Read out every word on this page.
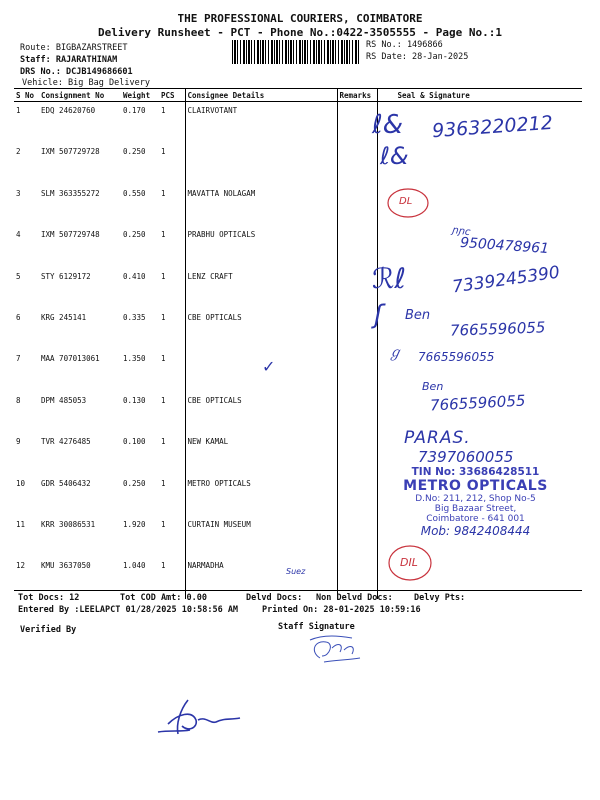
THE PROFESSIONAL COURIERS, COIMBATORE
Delivery Runsheet - PCT - Phone No.:0422-3505555 - Page No.:1
Route: BIGBAZARSTREET
Staff: RAJARATHINAM
DRS No.: DCJB149686601
Vehicle: Big Bag Delivery
RS No.: 1496866
RS Date: 28-Jan-2025
S No	Consignment No	Weight	PCS	Consignee Details	Remarks	Seal & Signature
1	EDQ 24620760	0.170	1	CLAIRVOTANT		
2	IXM 507729728	0.250	1			
3	SLM 363355272	0.550	1	MAVATTA NOLAGAM		
4	IXM 507729748	0.250	1	PRABHU OPTICALS		
5	STY 6129172	0.410	1	LENZ CRAFT		
6	KRG 245141	0.335	1	CBE OPTICALS		
7	MAA 707013061	1.350	1			
8	DPM 485053	0.130	1	CBE OPTICALS		
9	TVR 4276485	0.100	1	NEW KAMAL		
10	GDR 5406432	0.250	1	METRO OPTICALS		
11	KRR 30086531	1.920	1	CURTAIN MUSEUM		
12	KMU 3637050	1.040	1	NARMADHA		
ℓ& 9363220212
ℓ&
DL
ɲɲc
9500478961
ℛℓ	7339245390
Ben
7665596055
ʃ
ℊ 7665596055
Ben
7665596055
✓
PARAS.
7397060055
TIN No: 33686428511
METRO OPTICALS
D.No: 211, 212, Shop No-5
Big Bazaar Street,
Coimbatore - 641 001
Mob: 9842408444
DIL
Suez
Tot Docs: 12	Tot COD Amt: 0.00	Delvd Docs: Non Delvd Docs: Delvy Pts:
Entered By :LEELAPCT 01/28/2025 10:58:56 AM	Printed On: 28-01-2025 10:59:16
Verified By	Staff Signature
